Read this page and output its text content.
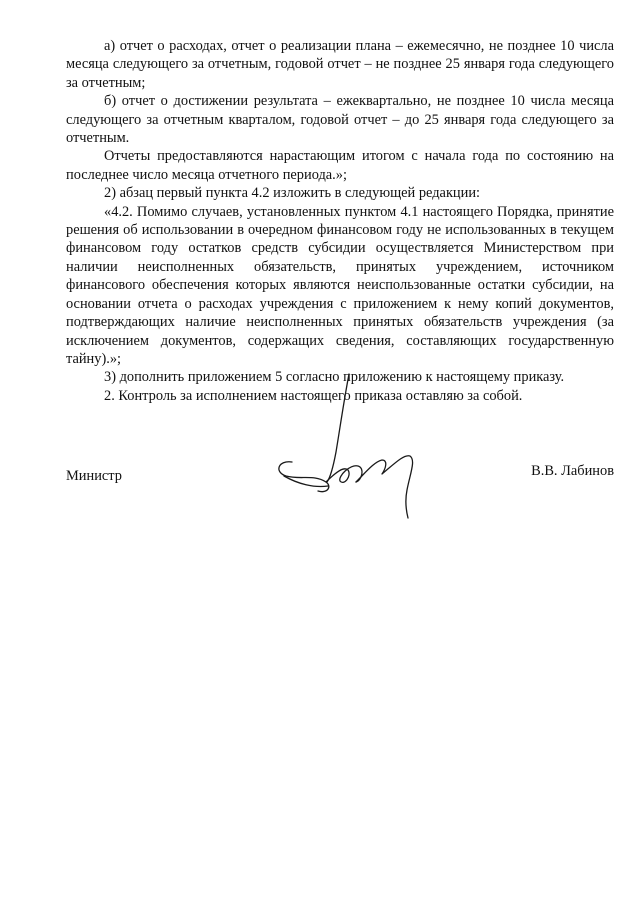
а) отчет о расходах, отчет о реализации плана – ежемесячно, не позднее 10 числа месяца следующего за отчетным, годовой отчет – не позднее 25 января года следующего за отчетным;

б) отчет о достижении результата – ежеквартально, не позднее 10 числа месяца следующего за отчетным кварталом, годовой отчет – до 25 января года следующего за отчетным.

Отчеты предоставляются нарастающим итогом с начала года по состоянию на последнее число месяца отчетного периода.»;

2) абзац первый пункта 4.2 изложить в следующей редакции:

«4.2. Помимо случаев, установленных пунктом 4.1 настоящего Порядка, принятие решения об использовании в очередном финансовом году не использованных в текущем финансовом году остатков средств субсидии осуществляется Министерством при наличии неисполненных обязательств, принятых учреждением, источником финансового обеспечения которых являются неиспользованные остатки субсидии, на основании отчета о расходах учреждения с приложением к нему копий документов, подтверждающих наличие неисполненных принятых обязательств учреждения (за исключением документов, содержащих сведения, составляющих государственную тайну).»;

3) дополнить приложением 5 согласно приложению к настоящему приказу.

2. Контроль за исполнением настоящего приказа оставляю за собой.

Министр	В.В. Лабинов
